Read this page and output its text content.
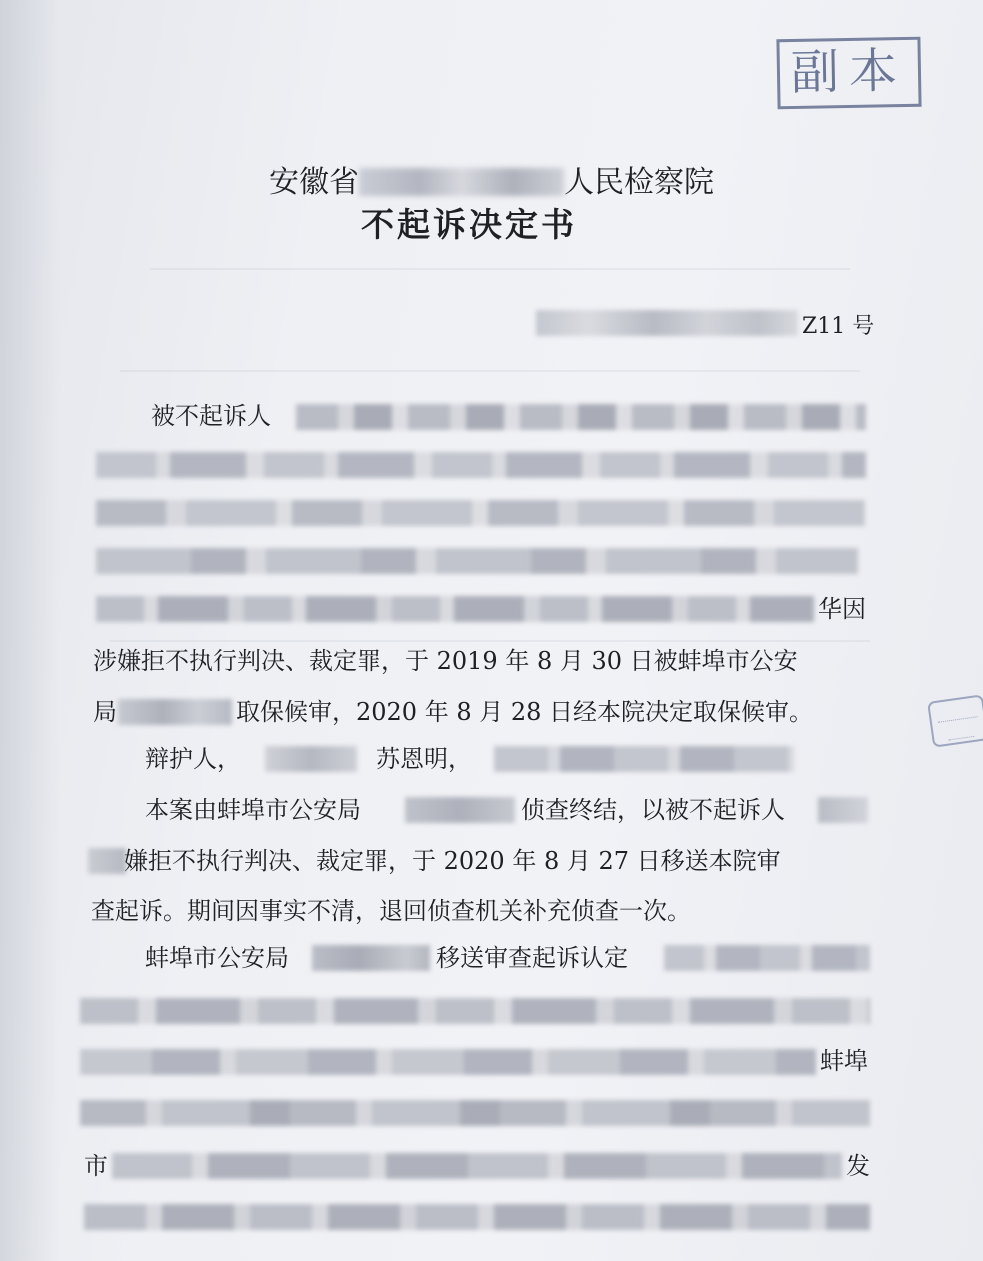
副本
安徽省	人民检察院
不起诉决定书
Z11 号
被不起诉人
华因
涉嫌拒不执行判决、裁定罪，于 2019 年 8 月 30 日被蚌埠市公安
局	取保候审，2020 年 8 月 28 日经本院决定取保候审。
辩护人，	苏恩明，
本案由蚌埠市公安局	侦查终结，以被不起诉人
嫌拒不执行判决、裁定罪，于 2020 年 8 月 27 日移送本院审
查起诉。期间因事实不清，退回侦查机关补充侦查一次。
蚌埠市公安局	移送审查起诉认定
蚌埠
市	发
